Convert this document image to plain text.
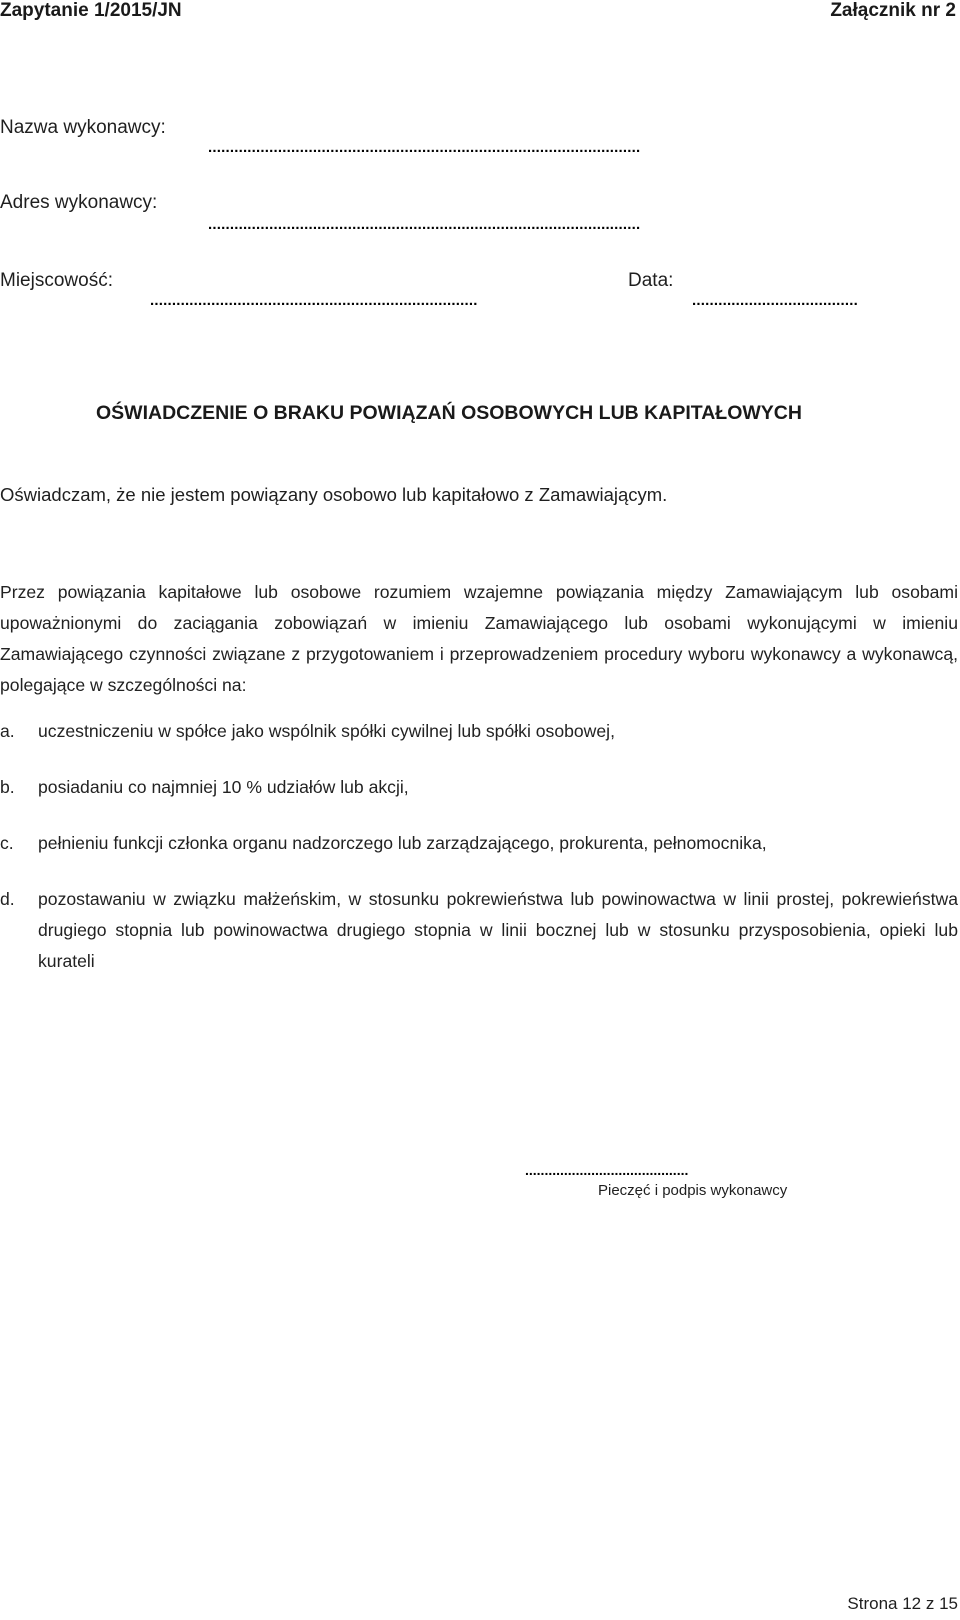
Zapytanie 1/2015/JN	Załącznik nr 2
Nazwa wykonawcy:
...................................................................................................
Adres wykonawcy:
...................................................................................................
Miejscowość:	Data:
...........................................................................	......................................
OŚWIADCZENIE O BRAKU POWIĄZAŃ OSOBOWYCH LUB KAPITAŁOWYCH
Oświadczam, że nie jestem powiązany osobowo lub kapitałowo z Zamawiającym.
Przez powiązania kapitałowe lub osobowe rozumiem wzajemne powiązania między Zamawiającym lub osobami upoważnionymi do zaciągania zobowiązań w imieniu Zamawiającego lub osobami wykonującymi w imieniu Zamawiającego czynności związane z przygotowaniem i przeprowadzeniem procedury wyboru wykonawcy a wykonawcą, polegające w szczególności na:
a. uczestniczeniu w spółce jako wspólnik spółki cywilnej lub spółki osobowej,
b. posiadaniu co najmniej 10 % udziałów lub akcji,
c. pełnieniu funkcji członka organu nadzorczego lub zarządzającego, prokurenta, pełnomocnika,
d. pozostawaniu w związku małżeńskim, w stosunku pokrewieństwa lub powinowactwa w linii prostej, pokrewieństwa drugiego stopnia lub powinowactwa drugiego stopnia w linii bocznej lub w stosunku przysposobienia, opieki lub kurateli
..........................................
Pieczęć i podpis wykonawcy
Strona 12 z 15
